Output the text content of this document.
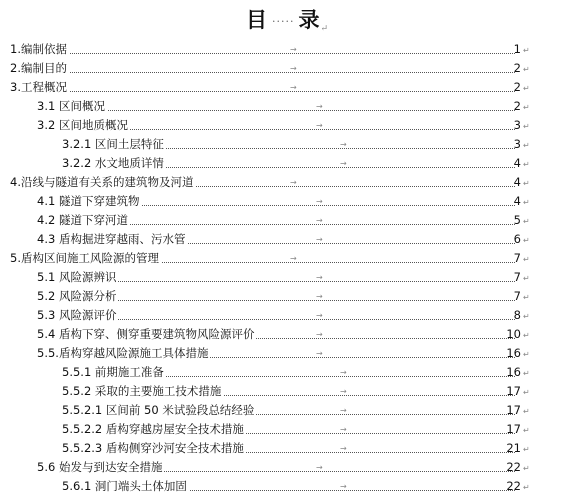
目 ····· 录↵
1.编制依据	→	1 ↵
2.编制目的	→	2 ↵
3.工程概况	→	2 ↵
3.1 区间概况	→	2 ↵
3.2 区间地质概况	→	3 ↵
3.2.1 区间土层特征	→	3 ↵
3.2.2 水文地质详情	→	4 ↵
4.沿线与隧道有关系的建筑物及河道	→	4 ↵
4.1 隧道下穿建筑物	→	4 ↵
4.2 隧道下穿河道	→	5 ↵
4.3 盾构掘进穿越雨、污水管	→	6 ↵
5.盾构区间施工风险源的管理	→	7 ↵
5.1 风险源辨识	→	7 ↵
5.2 风险源分析	→	7 ↵
5.3 风险源评价	→	8 ↵
5.4 盾构下穿、侧穿重要建筑物风险源评价	→	10 ↵
5.5.盾构穿越风险源施工具体措施	→	16 ↵
5.5.1 前期施工准备	→	16 ↵
5.5.2 采取的主要施工技术措施	→	17 ↵
5.5.2.1 区间前 50 米试验段总结经验	→	17 ↵
5.5.2.2 盾构穿越房屋安全技术措施	→	17 ↵
5.5.2.3 盾构侧穿沙河安全技术措施	→	21 ↵
5.6 始发与到达安全措施	→	22 ↵
5.6.1 洞门端头土体加固	→	22 ↵
